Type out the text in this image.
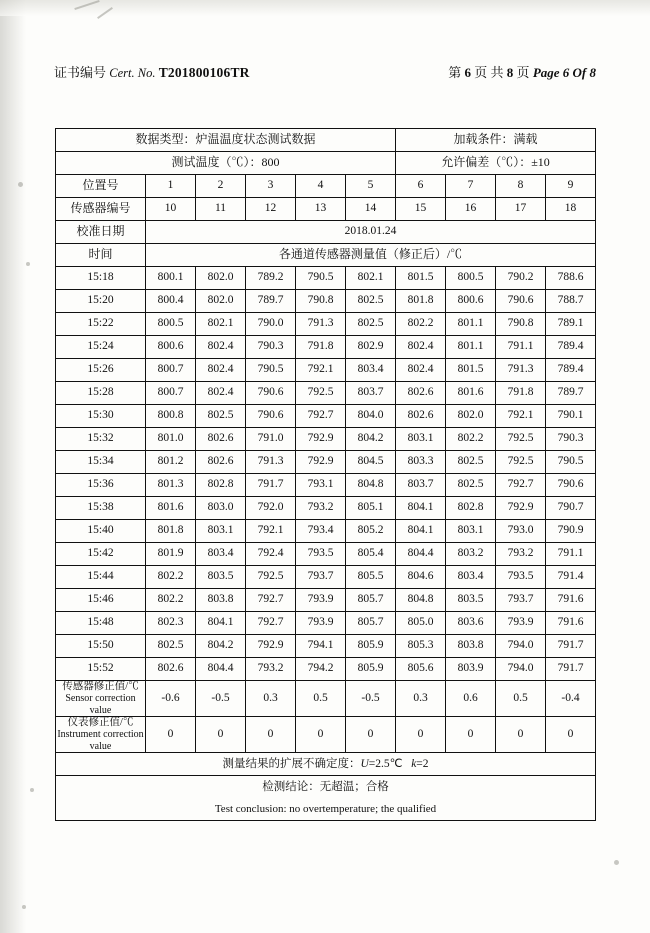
证书编号 Cert. No. T201800106TR	第 6 页 共 8 页 Page 6 Of 8
数据类型：炉温温度状态测试数据						加载条件：满载			
测试温度（℃）：800						允许偏差（℃）：±10			
位置号	1	2	3	4	5	6	7	8	9
传感器编号	10	11	12	13	14	15	16	17	18
校准日期	2018.01.24								
时间	各通道传感器测量值（修正后）/℃								
15:18	800.1	802.0	789.2	790.5	802.1	801.5	800.5	790.2	788.6
15:20	800.4	802.0	789.7	790.8	802.5	801.8	800.6	790.6	788.7
15:22	800.5	802.1	790.0	791.3	802.5	802.2	801.1	790.8	789.1
15:24	800.6	802.4	790.3	791.8	802.9	802.4	801.1	791.1	789.4
15:26	800.7	802.4	790.5	792.1	803.4	802.4	801.5	791.3	789.4
15:28	800.7	802.4	790.6	792.5	803.7	802.6	801.6	791.8	789.7
15:30	800.8	802.5	790.6	792.7	804.0	802.6	802.0	792.1	790.1
15:32	801.0	802.6	791.0	792.9	804.2	803.1	802.2	792.5	790.3
15:34	801.2	802.6	791.3	792.9	804.5	803.3	802.5	792.5	790.5
15:36	801.3	802.8	791.7	793.1	804.8	803.7	802.5	792.7	790.6
15:38	801.6	803.0	792.0	793.2	805.1	804.1	802.8	792.9	790.7
15:40	801.8	803.1	792.1	793.4	805.2	804.1	803.1	793.0	790.9
15:42	801.9	803.4	792.4	793.5	805.4	804.4	803.2	793.2	791.1
15:44	802.2	803.5	792.5	793.7	805.5	804.6	803.4	793.5	791.4
15:46	802.2	803.8	792.7	793.9	805.7	804.8	803.5	793.7	791.6
15:48	802.3	804.1	792.7	793.9	805.7	805.0	803.6	793.9	791.6
15:50	802.5	804.2	792.9	794.1	805.9	805.3	803.8	794.0	791.7
15:52	802.6	804.4	793.2	794.2	805.9	805.6	803.9	794.0	791.7

传感器修正值/℃
Sensor correction value	-0.6	-0.5	0.3	0.5	-0.5	0.3	0.6	0.5	-0.4

仪表修正值/℃
Instrument correction value	0	0	0	0	0	0	0	0	0
测量结果的扩展不确定度：U=2.5℃ k=2									
检测结论：无超温；合格									
Test conclusion: no overtemperature; the qualified									
